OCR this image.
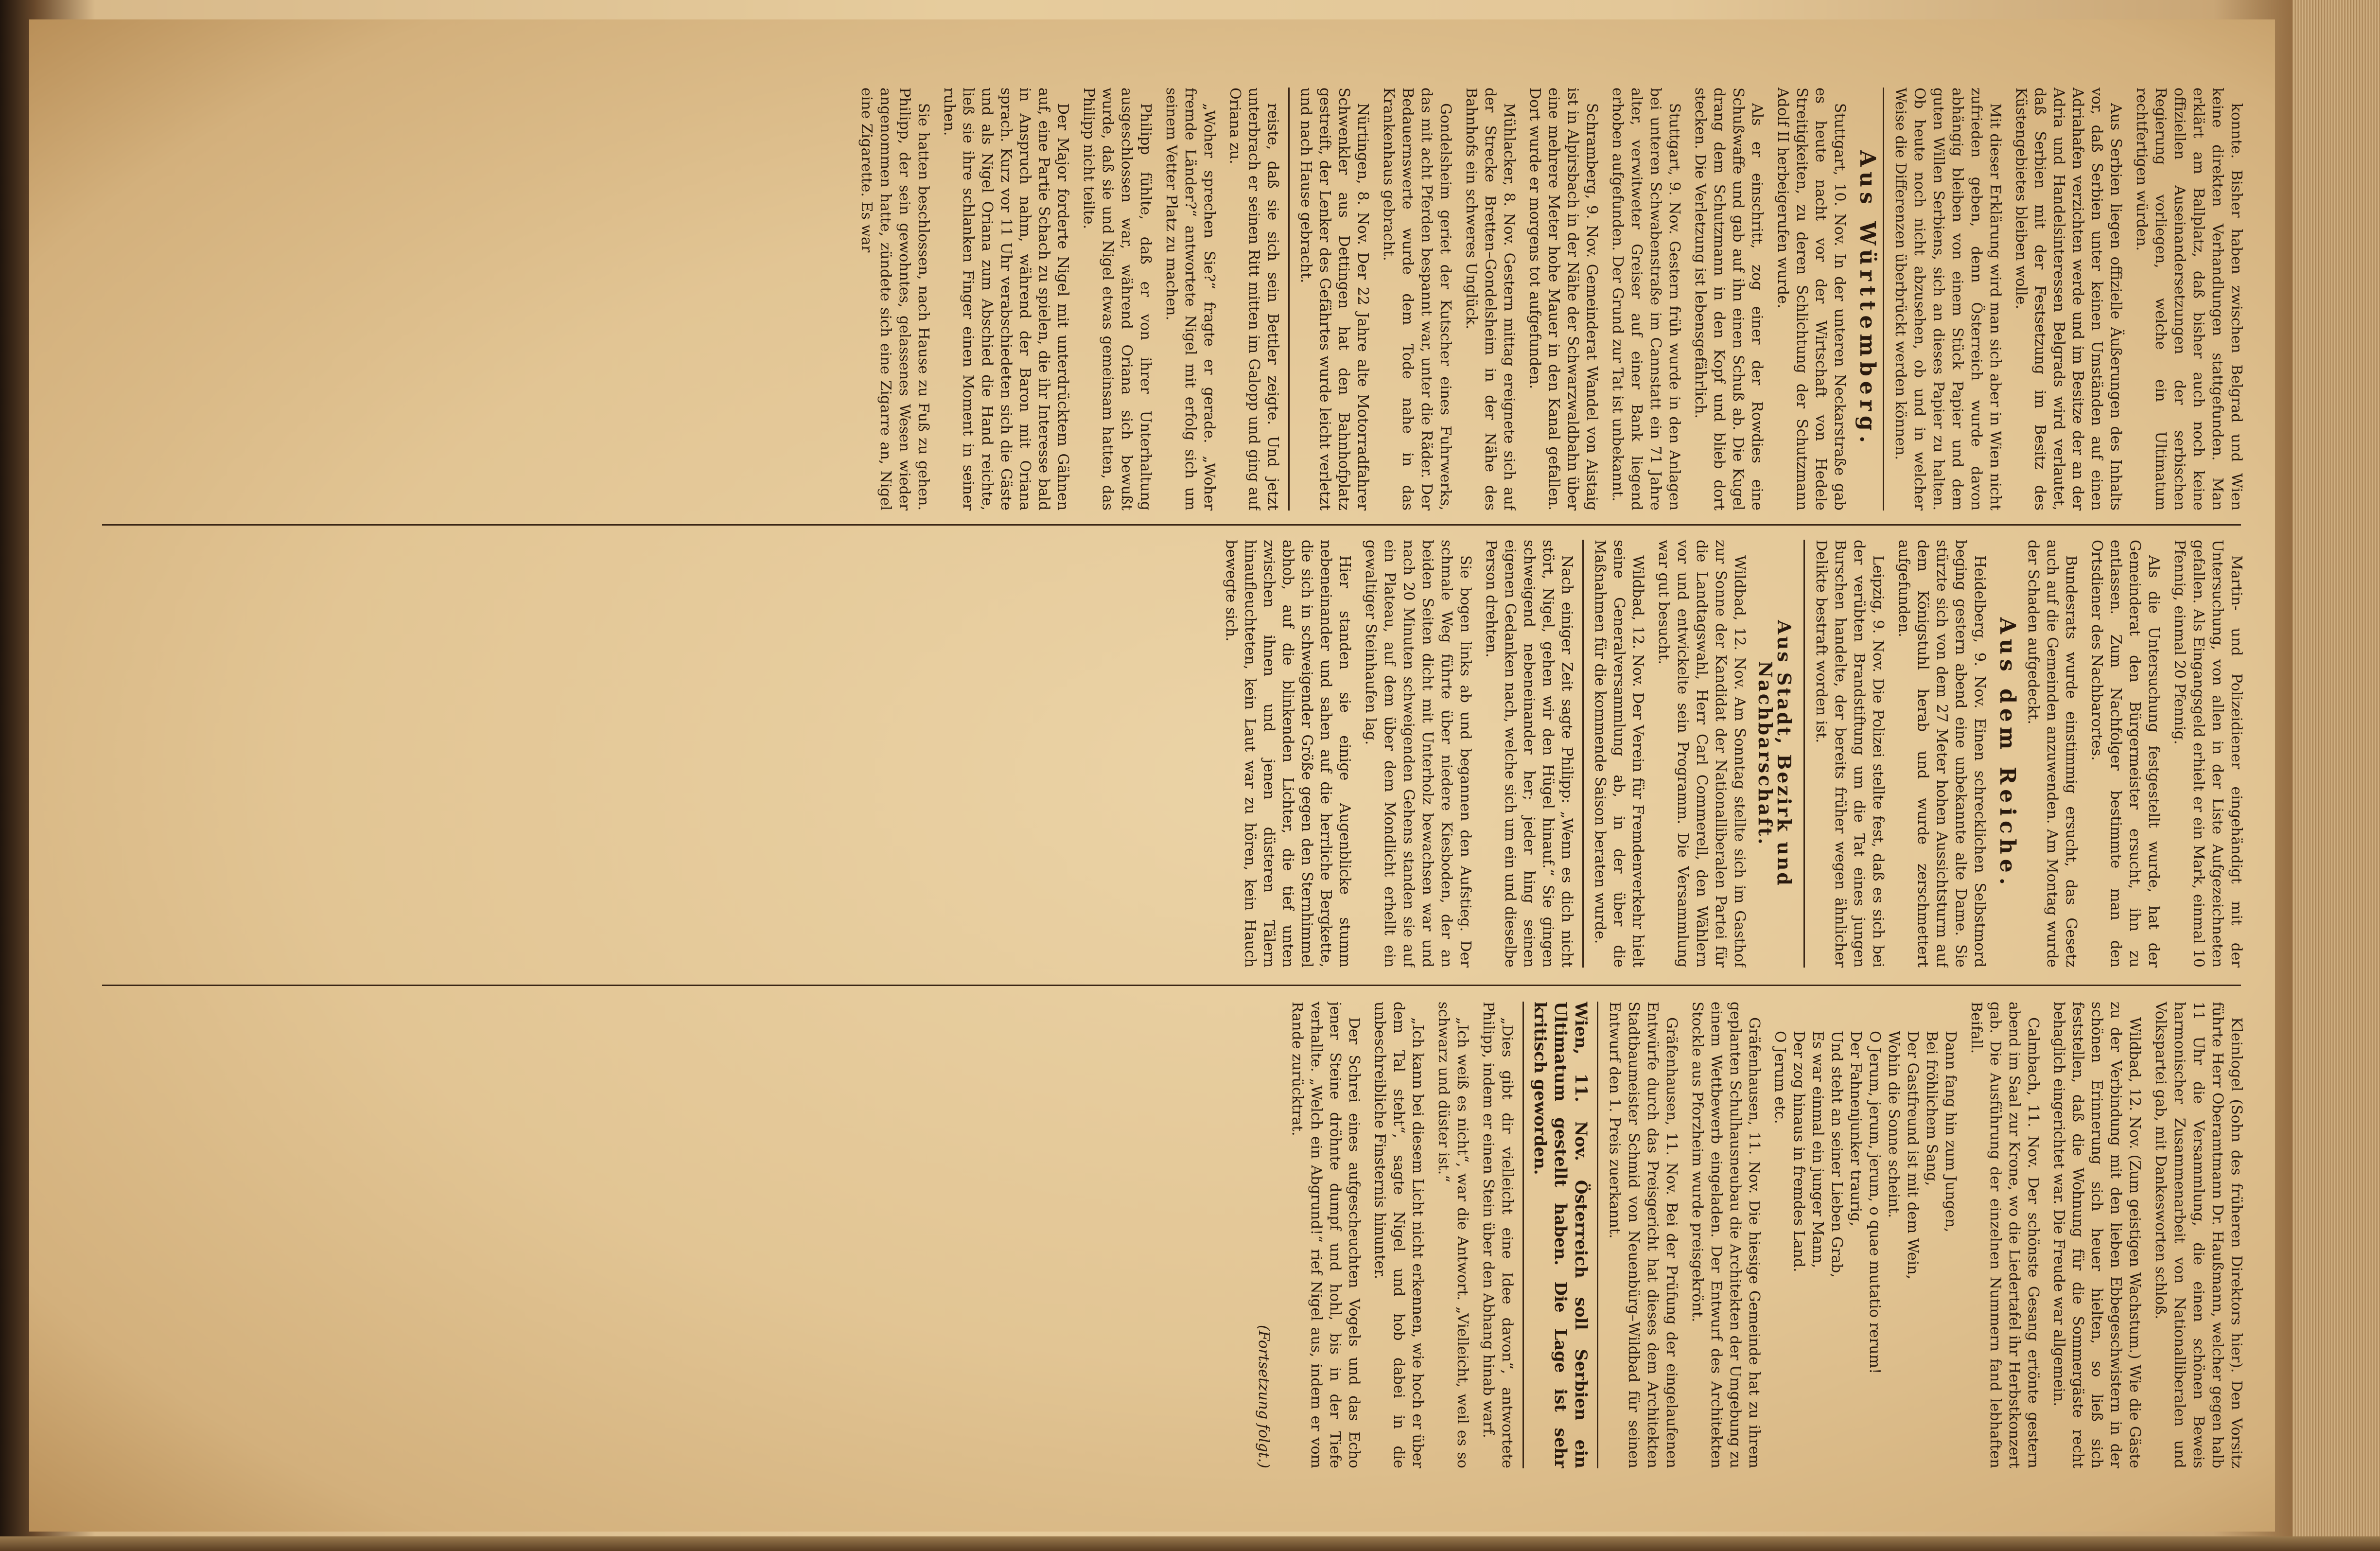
konnte. Bisher haben zwischen Belgrad und Wien keine direkten Verhandlungen stattgefunden. Man erklärt am Ballplatz, daß bisher auch noch keine offiziellen Auseinandersetzungen der serbischen Regierung vorliegen, welche ein Ultimatum rechtfertigen würden.

Aus Serbien liegen offizielle Äußerungen des Inhalts vor, daß Serbien unter keinen Umständen auf einen Adriahafen verzichten werde und im Besitze der an der Adria und Handelsinteressen Belgrads wird verlautet, daß Serbien mit der Festsetzung im Besitz des Küstengebietes bleiben wolle.

Mit dieser Erklärung wird man sich aber in Wien nicht zufrieden geben, denn Österreich wurde davon abhängig bleiben von einem Stück Papier und dem guten Willen Serbiens, sich an dieses Papier zu halten. Ob heute noch nicht abzusehen, ob und in welcher Weise die Differenzen überbrückt werden können.

Aus Württemberg.

Stuttgart, 10. Nov. In der unteren Neckarstraße gab es heute nacht vor der Wirtschaft von Hedele Streitigkeiten, zu deren Schlichtung der Schutzmann Adolf II herbeigerufen wurde.

Als er einschritt, zog einer der Rowdies eine Schußwaffe und gab auf ihn einen Schuß ab. Die Kugel drang dem Schutzmann in den Kopf und blieb dort stecken. Die Verletzung ist lebensgefährlich.

Stuttgart, 9. Nov. Gestern früh wurde in den Anlagen bei unteren Schwabenstraße im Cannstatt ein 71 Jahre alter, verwitweter Greiser auf einer Bank liegend erhoben aufgefunden. Der Grund zur Tat ist unbekannt.

Schramberg, 9. Nov. Gemeinderat Wandel von Aistaig ist in Alpirsbach in der Nähe der Schwarzwaldbahn über eine mehrere Meter hohe Mauer in den Kanal gefallen. Dort wurde er morgens tot aufgefunden.

Mühlacker, 8. Nov. Gestern mittag ereignete sich auf der Strecke Bretten–Gondelsheim in der Nähe des Bahnhofs ein schweres Unglück.

Gondelsheim geriet der Kutscher eines Fuhrwerks, das mit acht Pferden bespannt war, unter die Räder. Der Bedauernswerte wurde dem Tode nahe in das Krankenhaus gebracht.

Nürtingen, 8. Nov. Der 22 Jahre alte Motorradfahrer Schwenkler aus Dettingen hat den Bahnhofplatz gestreift, der Lenker des Gefährtes wurde leicht verletzt und nach Hause gebracht.

reiste, daß sie sich sein Bettler zeigte. Und jetzt unterbrach er seinen Ritt mitten im Galopp und ging auf Oriana zu.

„Woher sprechen Sie?“ fragte er gerade. „Woher fremde Länder?“ antwortete Nigel mit erfolg sich um seinem Vetter Platz zu machen.

Philipp fühlte, daß er von ihrer Unterhaltung ausgeschlossen war, während Oriana sich bewußt wurde, daß sie und Nigel etwas gemeinsam hatten, das Philipp nicht teilte.

Der Major forderte Nigel mit unterdrücktem Gähnen auf, eine Partie Schach zu spielen, die ihr Interesse bald in Anspruch nahm, während der Baron mit Oriana sprach. Kurz vor 11 Uhr verabschiedeten sich die Gäste und als Nigel Oriana zum Abschied die Hand reichte, ließ sie ihre schlanken Finger einen Moment in seiner ruhen.

Sie hatten beschlossen, nach Hause zu Fuß zu gehen. Philipp, der sein gewohntes, gelassenes Wesen wieder angenommen hatte, zündete sich eine Zigarre an, Nigel eine Zigarette. Es war

Martin- und Polizeidiener eingehändigt mit der Untersuchung, von allen in der Liste Aufgezeichneten gefallen. Als Eingangsgeld erhielt er ein Mark, einmal 10 Pfennig, einmal 20 Pfennig.

Als die Untersuchung festgestellt wurde, hat der Gemeinderat den Bürgermeister ersucht, ihn zu entlassen. Zum Nachfolger bestimmte man den Ortsdiener des Nachbarortes.

Bundesrats wurde einstimmig ersucht, das Gesetz auch auf die Gemeinden anzuwenden. Am Montag wurde der Schaden aufgedeckt.

Aus dem Reiche.

Heidelberg, 9. Nov. Einen schrecklichen Selbstmord beging gestern abend eine unbekannte alte Dame. Sie stürzte sich von dem 27 Meter hohen Aussichtsturm auf dem Königstuhl herab und wurde zerschmettert aufgefunden.

Leipzig, 9. Nov. Die Polizei stellte fest, daß es sich bei der verübten Brandstiftung um die Tat eines jungen Burschen handelte, der bereits früher wegen ähnlicher Delikte bestraft worden ist.

Aus Stadt, Bezirk und Nachbarschaft.

Wildbad, 12. Nov. Am Sonntag stellte sich im Gasthof zur Sonne der Kandidat der Nationalliberalen Partei für die Landtagswahl, Herr Carl Commerell, den Wählern vor und entwickelte sein Programm. Die Versammlung war gut besucht.

Wildbad, 12. Nov. Der Verein für Fremdenverkehr hielt seine Generalversammlung ab, in der über die Maßnahmen für die kommende Saison beraten wurde.

Nach einiger Zeit sagte Philipp: „Wenn es dich nicht stört, Nigel, gehen wir den Hügel hinauf.“ Sie gingen schweigend nebeneinander her; jeder hing seinen eigenen Gedanken nach, welche sich um ein und dieselbe Person drehten.

Sie bogen links ab und begannen den Aufstieg. Der schmale Weg führte über niedere Kiesboden, der an beiden Seiten dicht mit Unterholz bewachsen war und nach 20 Minuten schweigenden Gehens standen sie auf ein Plateau, auf dem über dem Mondlicht erhellt ein gewaltiger Steinhaufen lag.

Hier standen sie einige Augenblicke stumm nebeneinander und sahen auf die herrliche Bergkette, die sich in schweigender Größe gegen den Sternhimmel abhob, auf die blinkenden Lichter, die tief unten zwischen ihnen und jenen düsteren Tälern hinaufleuchteten, kein Laut war zu hören, kein Hauch bewegte sich.

Kleinlogel (Sohn des früheren Direktors hier). Den Vorsitz führte Herr Oberamtmann Dr. Haußmann, welcher gegen halb 11 Uhr die Versammlung, die einen schönen Beweis harmonischer Zusammenarbeit von Nationalliberalen und Volkspartei gab, mit Dankesworten schloß.

Wildbad, 12. Nov. (Zum geistigen Wachstum.) Wie die Gäste zu der Verbindung mit den lieben Ebbegeschwistern in der schönen Erinnerung sich heuer hielten, so ließ sich feststellen, daß die Wohnung für die Sommergäste recht behaglich eingerichtet war. Die Freude war allgemein.

Calmbach, 11. Nov. Der schönste Gesang ertönte gestern abend im Saal zur Krone, wo die Liedertafel ihr Herbstkonzert gab. Die Ausführung der einzelnen Nummern fand lebhaften Beifall.

Dann fang hin zum Jungen,
Bei fröhlichem Sang,
Der Gastfreund ist mit dem Wein,
Wohin die Sonne scheint.
O Jerum, jerum, jerum, o quae mutatio rerum!
Der Fahnenjunker traurig,
Und steht an seiner Lieben Grab,
Es war einmal ein junger Mann,
Der zog hinaus in fremdes Land.
O Jerum etc.

Gräfenhausen, 11. Nov. Die hiesige Gemeinde hat zu ihrem geplanten Schulhausneubau die Architekten der Umgebung zu einem Wettbewerb eingeladen. Der Entwurf des Architekten Stockle aus Pforzheim wurde preisgekrönt.

Gräfenhausen, 11. Nov. Bei der Prüfung der eingelaufenen Entwürfe durch das Preisgericht hat dieses dem Architekten Stadtbaumeister Schmid von Neuenbürg–Wildbad für seinen Entwurf den 1. Preis zuerkannt.

Wien, 11. Nov. Österreich soll Serbien ein Ultimatum gestellt haben. Die Lage ist sehr kritisch geworden.

„Dies gibt dir vielleicht eine Idee davon“, antwortete Philipp, indem er einen Stein über den Abhang hinab warf.

„Ich weiß es nicht“, war die Antwort. „Vielleicht, weil es so schwarz und düster ist.“

„Ich kann bei diesem Licht nicht erkennen, wie hoch er über dem Tal steht“, sagte Nigel und hob dabei in die unbeschreibliche Finsternis hinunter.

Der Schrei eines aufgescheuchten Vogels und das Echo jener Steine dröhnte dumpf und hohl, bis in der Tiefe verhallte. „Welch ein Abgrund!“ rief Nigel aus, indem er vom Rande zurücktrat.

(Fortsetzung folgt.)
